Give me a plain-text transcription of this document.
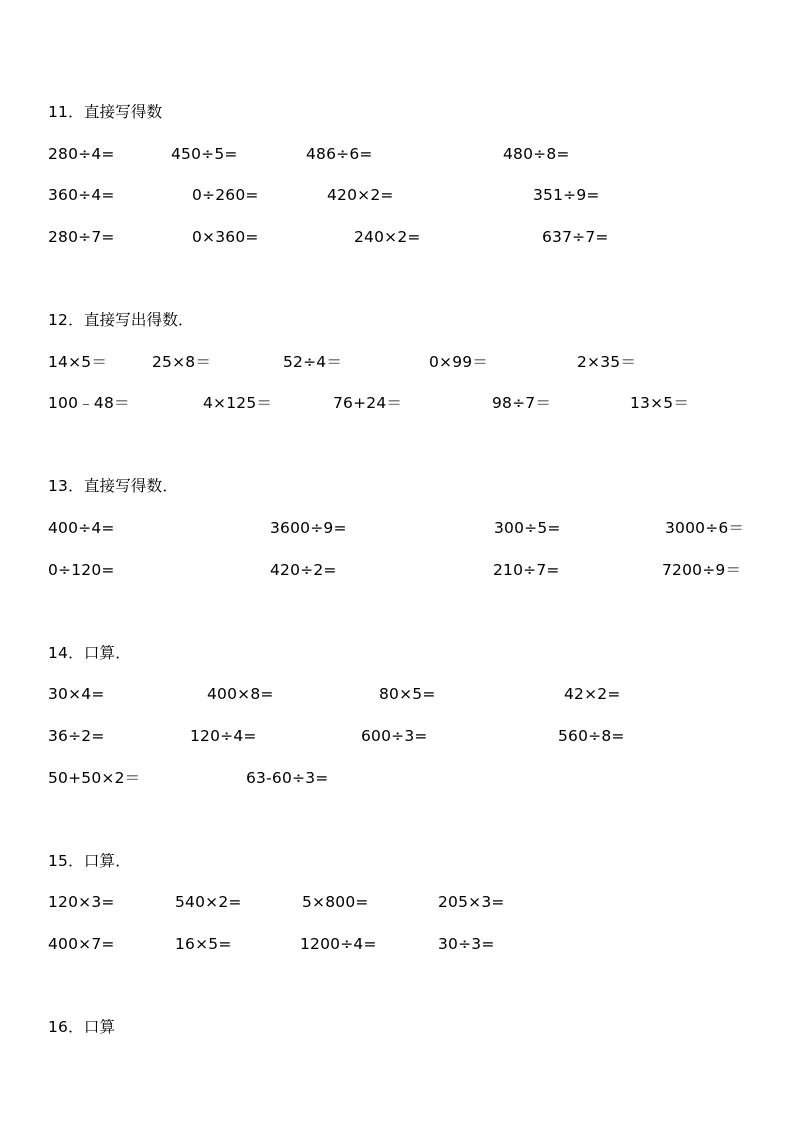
11．直接写得数
280÷4=	450÷5=	486÷6=	480÷8=
360÷4=	0÷260=	420×2=	351÷9=
280÷7=	0×360=	240×2=	637÷7=
12．直接写出得数．
14×5＝	25×8＝	52÷4＝	0×99＝	2×35＝
100﹣48＝	4×125＝	76+24＝	98÷7＝	13×5＝
13．直接写得数．
400÷4=	3600÷9=	300÷5=	3000÷6＝
0÷120=	420÷2=	210÷7=	7200÷9＝
14．口算．
30×4=	400×8=	80×5=	42×2=
36÷2=	120÷4=	600÷3=	560÷8=
50+50×2＝	63-60÷3=
15．口算．
120×3=	540×2=	5×800=	205×3=
400×7=	16×5=	1200÷4=	30÷3=
16．口算
